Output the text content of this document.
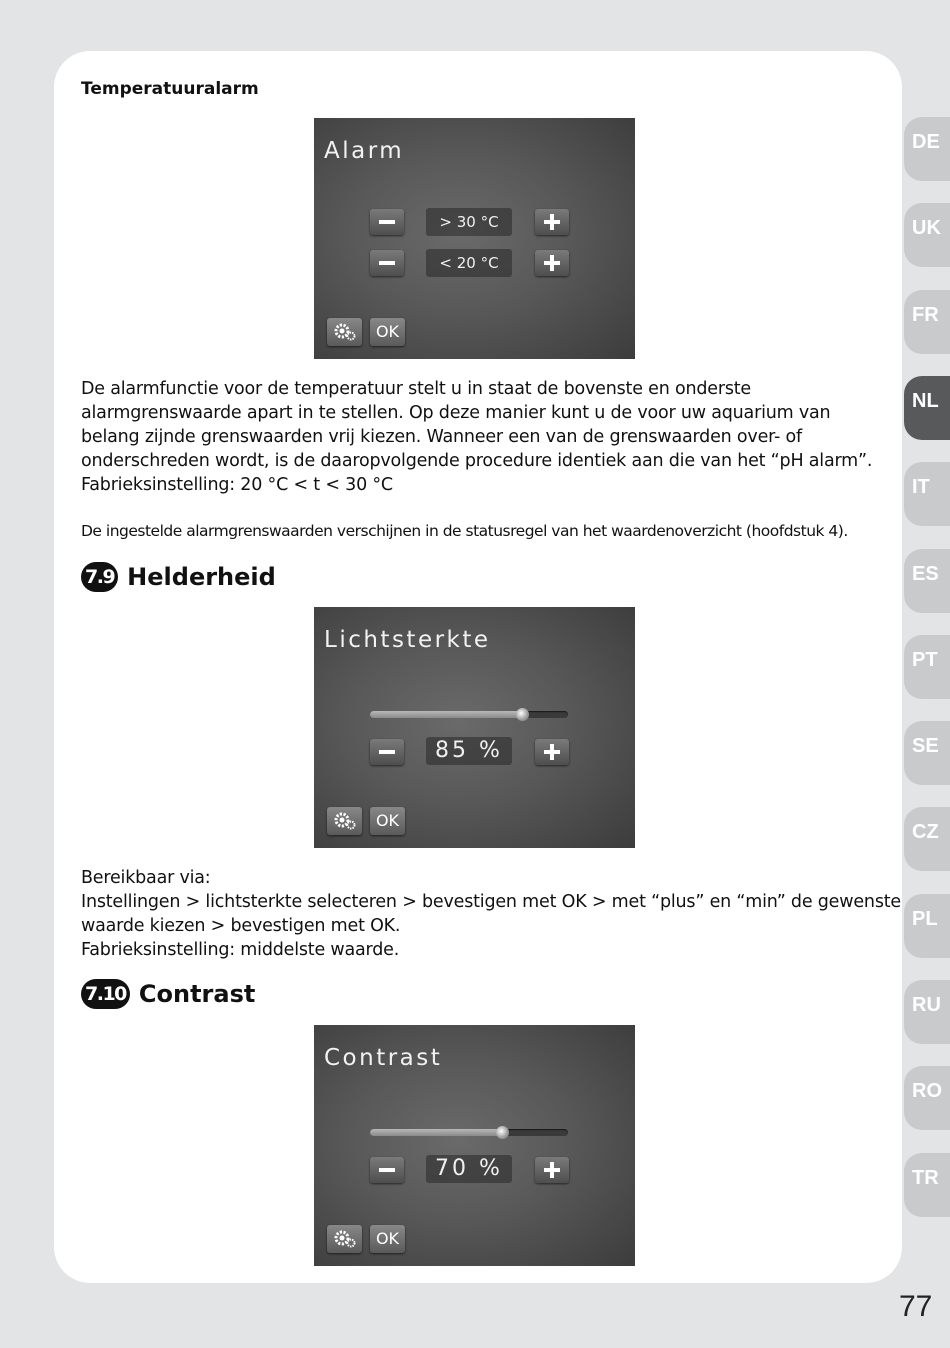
DE
UK
FR
NL
IT
ES
PT
SE
CZ
PL
RU
RO
TR
Temperatuuralarm
Alarm
> 30 °C
< 20 °C
OK
De alarmfunctie voor de temperatuur stelt u in staat de bovenste en onderste
alarmgrenswaarde apart in te stellen. Op deze manier kunt u de voor uw aquarium van
belang zijnde grenswaarden vrij kiezen. Wanneer een van de grenswaarden over- of
onderschreden wordt, is de daaropvolgende procedure identiek aan die van het “pH alarm”.
Fabrieksinstelling: 20 °C < t < 30 °C
De ingestelde alarmgrenswaarden verschijnen in de statusregel van het waardenoverzicht (hoofdstuk 4).
7.9 Helderheid
Lichtsterkte
85 %
OK
Bereikbaar via:
Instellingen > lichtsterkte selecteren > bevestigen met OK > met “plus” en “min” de gewenste
waarde kiezen > bevestigen met OK.
Fabrieksinstelling: middelste waarde.
7.10 Contrast
Contrast
70 %
OK
77
